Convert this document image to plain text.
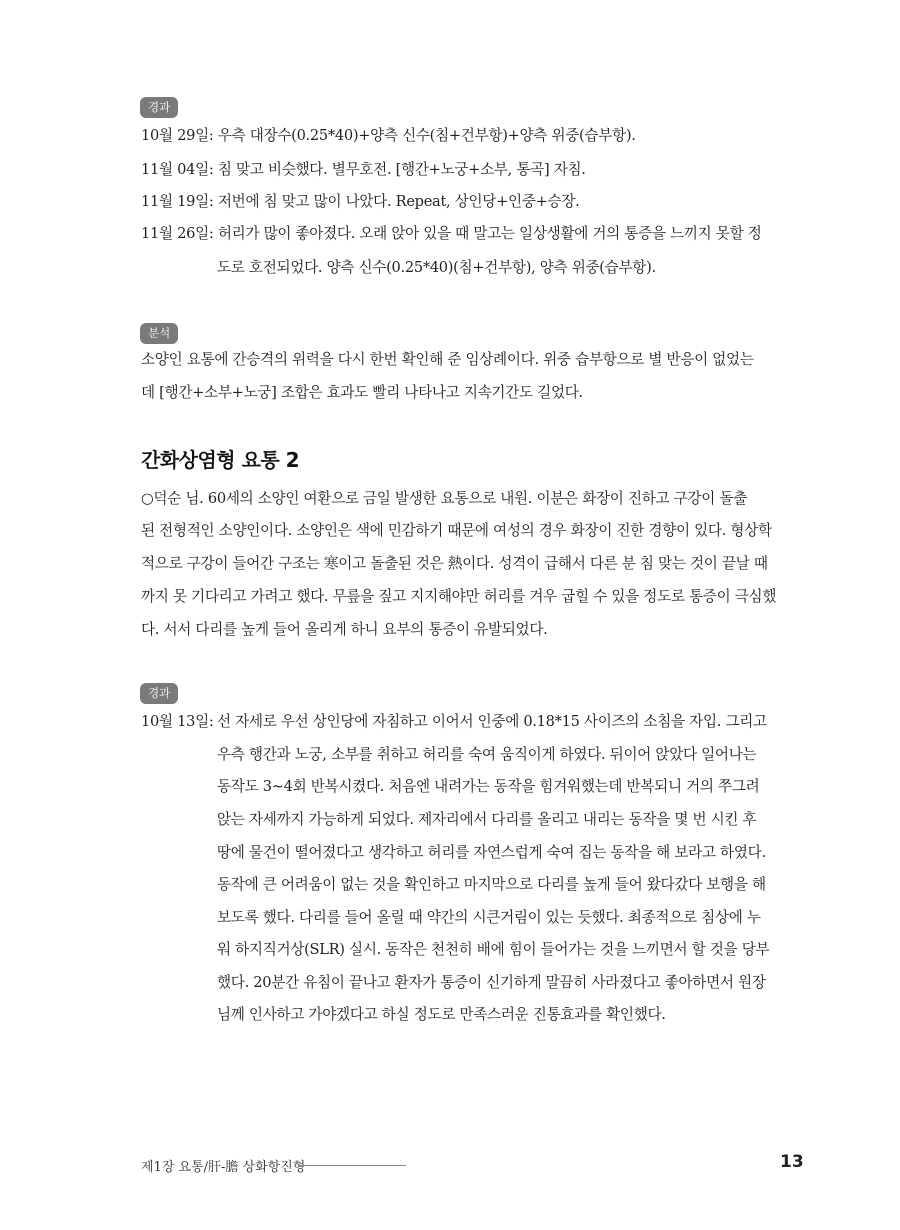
경과
10월 29일: 우측 대장수(0.25*40)+양측 신수(침+건부항)+양측 위중(습부항).
11월 04일: 침 맞고 비슷했다. 별무호전. [행간+노궁+소부, 통곡] 자침.
11월 19일: 저번에 침 맞고 많이 나았다. Repeat, 상인당+인중+승장.
11월 26일: 허리가 많이 좋아졌다. 오래 앉아 있을 때 말고는 일상생활에 거의 통증을 느끼지 못할 정
도로 호전되었다. 양측 신수(0.25*40)(침+건부항), 양측 위중(습부항).
분석
소양인 요통에 간승격의 위력을 다시 한번 확인해 준 임상례이다. 위중 습부항으로 별 반응이 없었는
데 [행간+소부+노궁] 조합은 효과도 빨리 나타나고 지속기간도 길었다.
간화상염형 요통 2
○덕순 님. 60세의 소양인 여환으로 금일 발생한 요통으로 내원. 이분은 화장이 진하고 구강이 돌출
된 전형적인 소양인이다. 소양인은 색에 민감하기 때문에 여성의 경우 화장이 진한 경향이 있다. 형상학
적으로 구강이 들어간 구조는 寒이고 돌출된 것은 熱이다. 성격이 급해서 다른 분 침 맞는 것이 끝날 때
까지 못 기다리고 가려고 했다. 무릎을 짚고 지지해야만 허리를 겨우 굽힐 수 있을 정도로 통증이 극심했
다. 서서 다리를 높게 들어 올리게 하니 요부의 통증이 유발되었다.
경과
10월 13일: 선 자세로 우선 상인당에 자침하고 이어서 인중에 0.18*15 사이즈의 소침을 자입. 그리고
우측 행간과 노궁, 소부를 취하고 허리를 숙여 움직이게 하였다. 뒤이어 앉았다 일어나는
동작도 3~4회 반복시켰다. 처음엔 내려가는 동작을 힘겨워했는데 반복되니 거의 쭈그려
앉는 자세까지 가능하게 되었다. 제자리에서 다리를 올리고 내리는 동작을 몇 번 시킨 후
땅에 물건이 떨어졌다고 생각하고 허리를 자연스럽게 숙여 집는 동작을 해 보라고 하였다.
동작에 큰 어려움이 없는 것을 확인하고 마지막으로 다리를 높게 들어 왔다갔다 보행을 해
보도록 했다. 다리를 들어 올릴 때 약간의 시큰거림이 있는 듯했다. 최종적으로 침상에 누
워 하지직거상(SLR) 실시. 동작은 천천히 배에 힘이 들어가는 것을 느끼면서 할 것을 당부
했다. 20분간 유침이 끝나고 환자가 통증이 신기하게 말끔히 사라졌다고 좋아하면서 원장
님께 인사하고 가야겠다고 하실 정도로 만족스러운 진통효과를 확인했다.
제1장 요통/肝-膽 상화항진형	13
